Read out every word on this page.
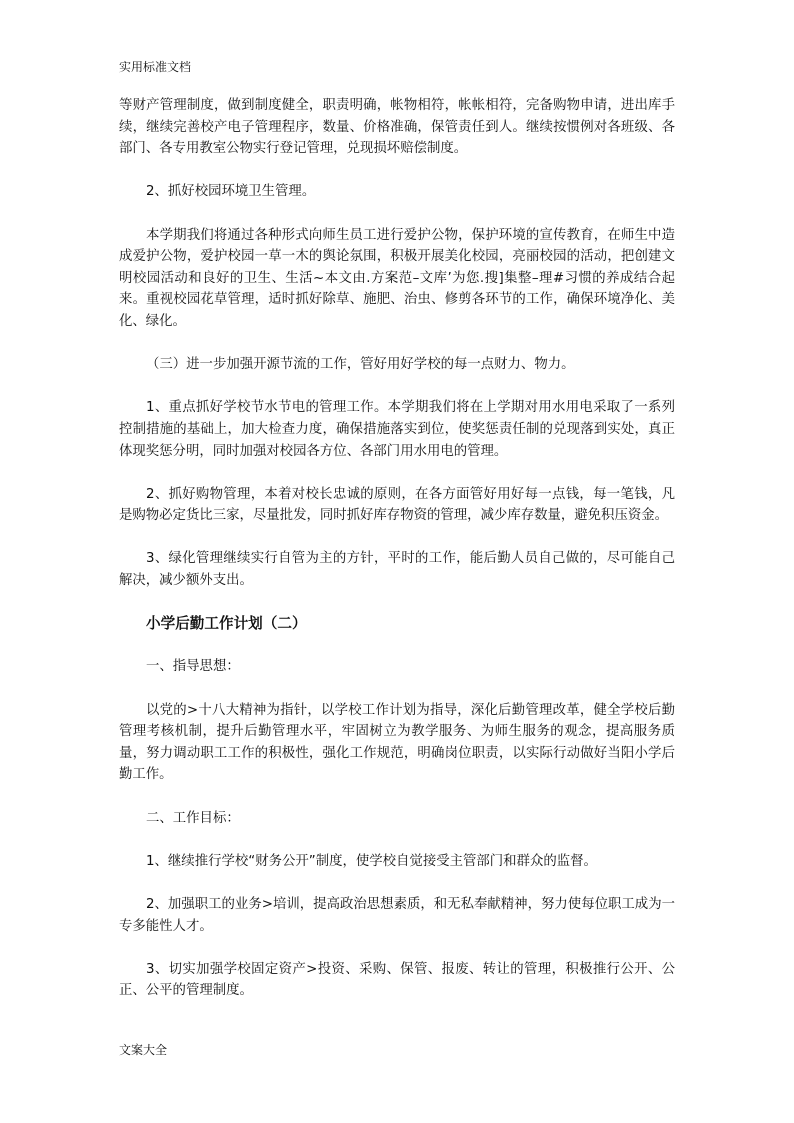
实用标准文档

等财产管理制度，做到制度健全，职责明确，帐物相符，帐帐相符，完备购物申请，进出库手续，继续完善校产电子管理程序，数量、价格准确，保管责任到人。继续按惯例对各班级、各部门、各专用教室公物实行登记管理，兑现损坏赔偿制度。

2、抓好校园环境卫生管理。

本学期我们将通过各种形式向师生员工进行爱护公物，保护环境的宣传教育，在师生中造成爱护公物，爱护校园一草一木的舆论氛围，积极开展美化校园，亮丽校园的活动，把创建文明校园活动和良好的卫生、生活~本文由.方案范–文库’为您.搜]集整–理#习惯的养成结合起来。重视校园花草管理，适时抓好除草、施肥、治虫、修剪各环节的工作，确保环境净化、美化、绿化。

（三）进一步加强开源节流的工作，管好用好学校的每一点财力、物力。

1、重点抓好学校节水节电的管理工作。本学期我们将在上学期对用水用电采取了一系列控制措施的基础上，加大检查力度，确保措施落实到位，使奖惩责任制的兑现落到实处，真正体现奖惩分明，同时加强对校园各方位、各部门用水用电的管理。

2、抓好购物管理，本着对校长忠诚的原则，在各方面管好用好每一点钱，每一笔钱，凡是购物必定货比三家，尽量批发，同时抓好库存物资的管理，减少库存数量，避免积压资金。

3、绿化管理继续实行自管为主的方针，平时的工作，能后勤人员自己做的，尽可能自己解决，减少额外支出。

小学后勤工作计划（二）

一、指导思想：

以党的>十八大精神为指针，以学校工作计划为指导，深化后勤管理改革，健全学校后勤管理考核机制，提升后勤管理水平，牢固树立为教学服务、为师生服务的观念，提高服务质量，努力调动职工工作的积极性，强化工作规范，明确岗位职责，以实际行动做好当阳小学后勤工作。

二、工作目标：

1、继续推行学校“财务公开”制度，使学校自觉接受主管部门和群众的监督。

2、加强职工的业务>培训，提高政治思想素质，和无私奉献精神，努力使每位职工成为一专多能性人才。

3、切实加强学校固定资产>投资、采购、保管、报废、转让的管理，积极推行公开、公正、公平的管理制度。

文案大全
